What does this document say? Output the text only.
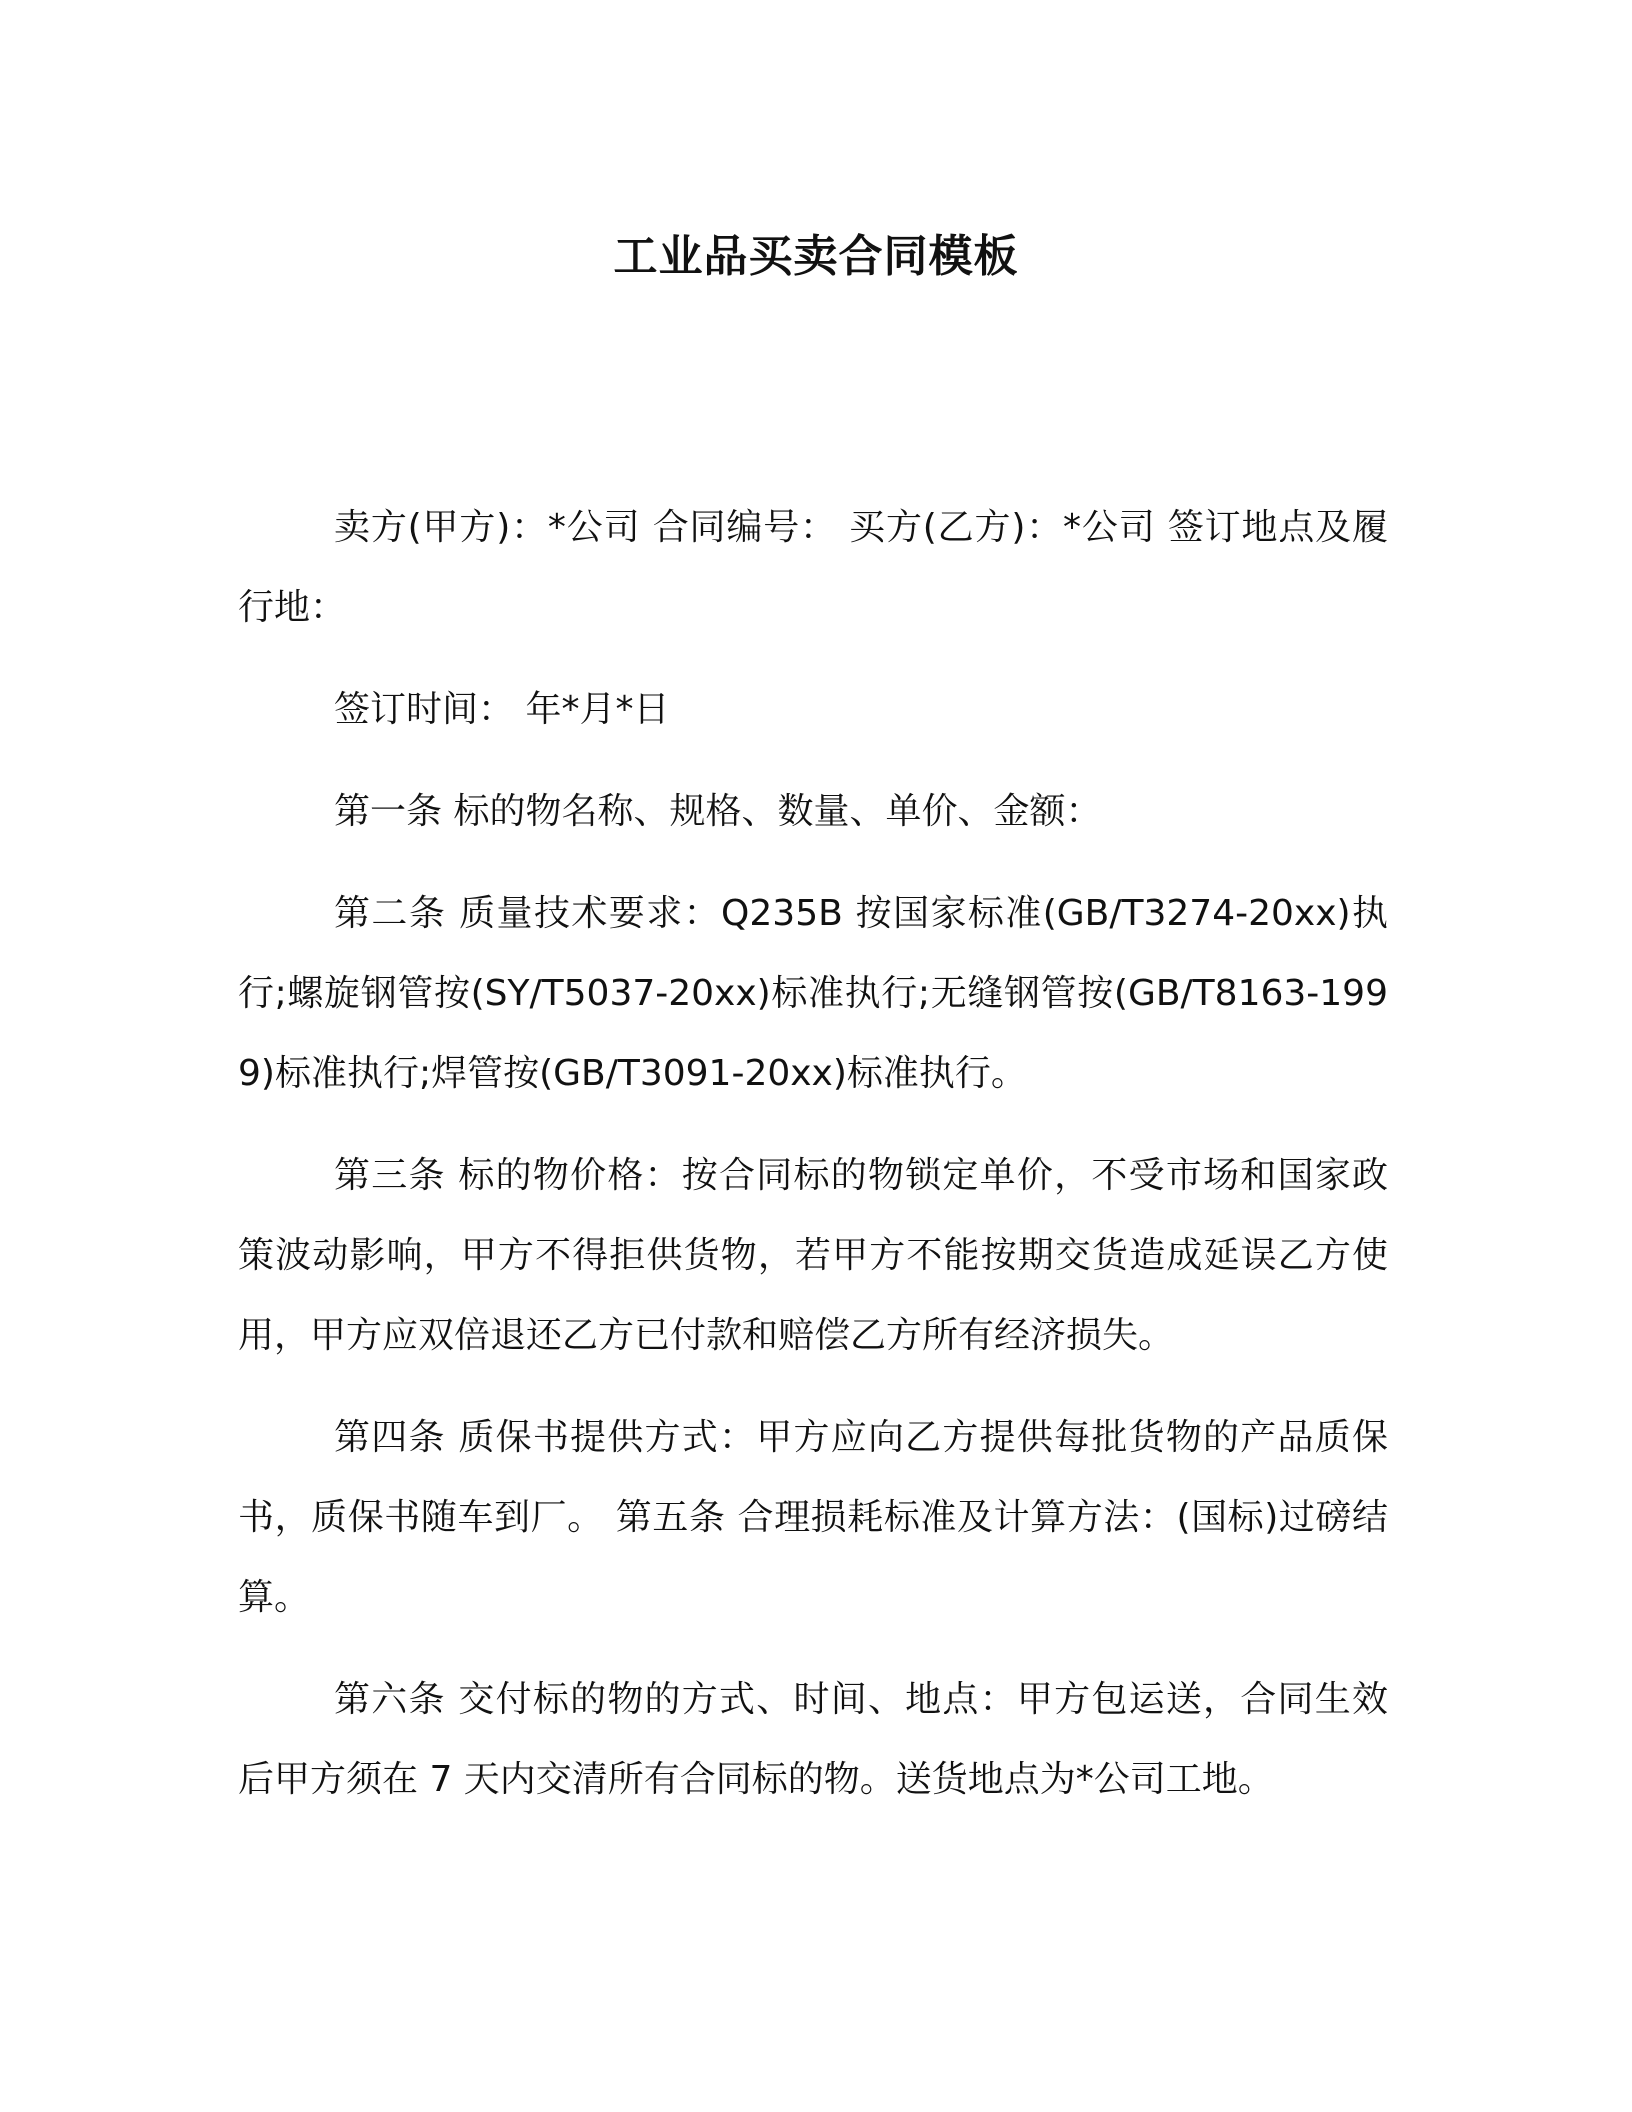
工业品买卖合同模板

卖方(甲方)：*公司 合同编号： 买方(乙方)：*公司 签订地点及履行地：

签订时间： 年*月*日

第一条 标的物名称、规格、数量、单价、金额：

第二条 质量技术要求：Q235B 按国家标准(GB/T3274-20xx)执行;螺旋钢管按(SY/T5037-20xx)标准执行;无缝钢管按(GB/T8163-1999)标准执行;焊管按(GB/T3091-20xx)标准执行。

第三条 标的物价格：按合同标的物锁定单价，不受市场和国家政策波动影响，甲方不得拒供货物，若甲方不能按期交货造成延误乙方使用，甲方应双倍退还乙方已付款和赔偿乙方所有经济损失。

第四条 质保书提供方式：甲方应向乙方提供每批货物的产品质保书，质保书随车到厂。 第五条 合理损耗标准及计算方法：(国标)过磅结算。

第六条 交付标的物的方式、时间、地点：甲方包运送，合同生效后甲方须在 7 天内交清所有合同标的物。送货地点为*公司工地。
